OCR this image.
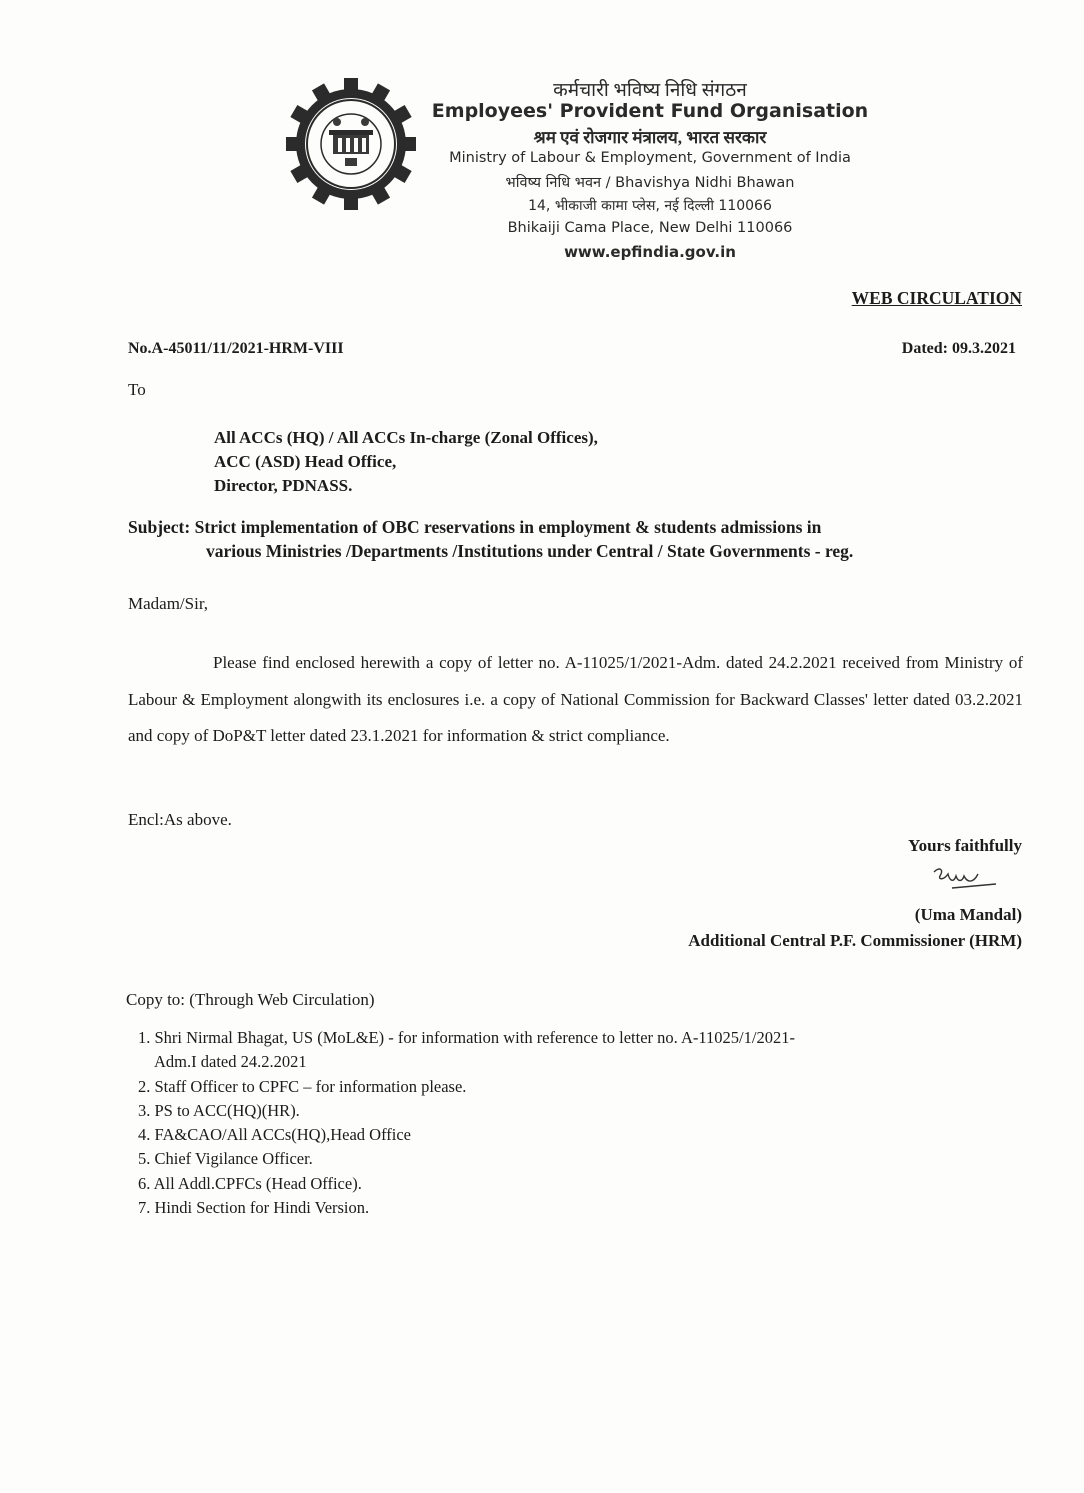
कर्मचारी भविष्य निधि संगठन
Employees' Provident Fund Organisation
श्रम एवं रोजगार मंत्रालय, भारत सरकार
Ministry of Labour & Employment, Government of India
भविष्य निधि भवन / Bhavishya Nidhi Bhawan
14, भीकाजी कामा प्लेस, नई दिल्ली 110066
Bhikaiji Cama Place, New Delhi 110066
www.epfindia.gov.in
WEB CIRCULATION
No.A-45011/11/2021-HRM-VIII	Dated: 09.3.2021
To
All ACCs (HQ) / All ACCs In-charge (Zonal Offices),
ACC (ASD) Head Office,
Director, PDNASS.
Subject: Strict implementation of OBC reservations in employment & students admissions in
various Ministries /Departments /Institutions under Central / State Governments - reg.
Madam/Sir,
Please find enclosed herewith a copy of letter no. A-11025/1/2021-Adm. dated 24.2.2021 received from Ministry of Labour & Employment alongwith its enclosures i.e. a copy of National Commission for Backward Classes' letter dated 03.2.2021 and copy of DoP&T letter dated 23.1.2021 for information & strict compliance.
Encl:As above.
Yours faithfully
(Uma Mandal)
Additional Central P.F. Commissioner (HRM)
Copy to: (Through Web Circulation)
1. Shri Nirmal Bhagat, US (MoL&E) - for information with reference to letter no. A-11025/1/2021-
Adm.I dated 24.2.2021
2. Staff Officer to CPFC – for information please.
3. PS to ACC(HQ)(HR).
4. FA&CAO/All ACCs(HQ),Head Office
5. Chief Vigilance Officer.
6. All Addl.CPFCs (Head Office).
7. Hindi Section for Hindi Version.
